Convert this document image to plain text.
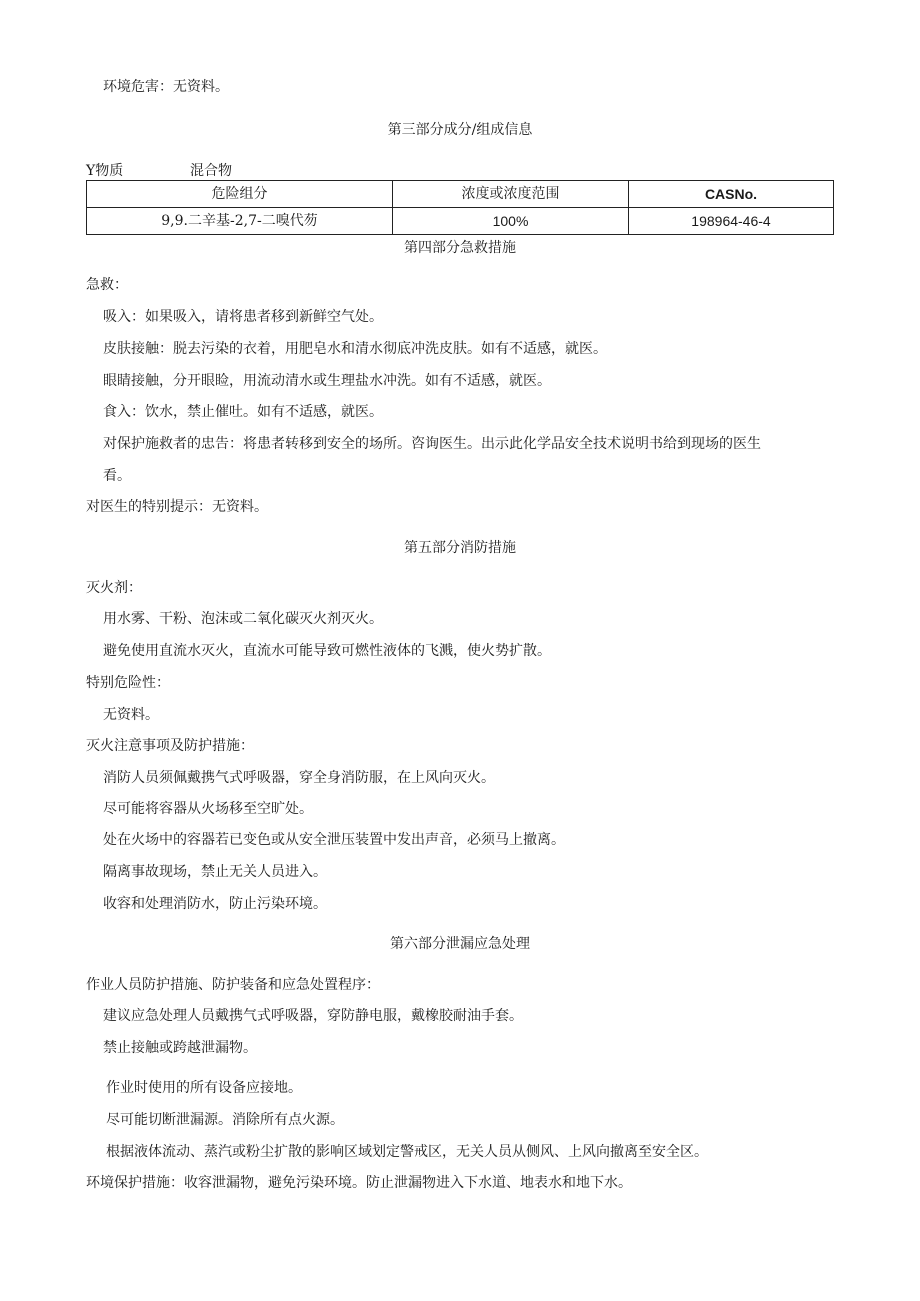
环境危害：无资料。
第三部分成分/组成信息
Y物质	混合物
危险组分	浓度或浓度范围	CASNo.
9,9.二辛基-2,7-二嗅代芴	100%	198964-46-4
第四部分急救措施
急救：
吸入：如果吸入，请将患者移到新鲜空气处。
皮肤接触：脱去污染的衣着，用肥皂水和清水彻底冲洗皮肤。如有不适感，就医。
眼睛接触，分开眼睑，用流动清水或生理盐水冲洗。如有不适感，就医。
食入：饮水，禁止催吐。如有不适感，就医。
对保护施救者的忠告：将患者转移到安全的场所。咨询医生。出示此化学品安全技术说明书给到现场的医生
看。
对医生的特别提示：无资料。
第五部分消防措施
灭火剂：
用水雾、干粉、泡沫或二氧化碳灭火剂灭火。
避免使用直流水灭火，直流水可能导致可燃性液体的飞溅，使火势扩散。
特别危险性：
无资料。
灭火注意事项及防护措施：
消防人员须佩戴携气式呼吸器，穿全身消防服，在上风向灭火。
尽可能将容器从火场移至空旷处。
处在火场中的容器若已变色或从安全泄压装置中发出声音，必须马上撤离。
隔离事故现场，禁止无关人员进入。
收容和处理消防水，防止污染环境。
第六部分泄漏应急处理
作业人员防护措施、防护装备和应急处置程序：
建议应急处理人员戴携气式呼吸器，穿防静电服，戴橡胶耐油手套。
禁止接触或跨越泄漏物。
作业时使用的所有设备应接地。
尽可能切断泄漏源。消除所有点火源。
根据液体流动、蒸汽或粉尘扩散的影响区域划定警戒区，无关人员从侧风、上风向撤离至安全区。
环境保护措施：收容泄漏物，避免污染环境。防止泄漏物进入下水道、地表水和地下水。
